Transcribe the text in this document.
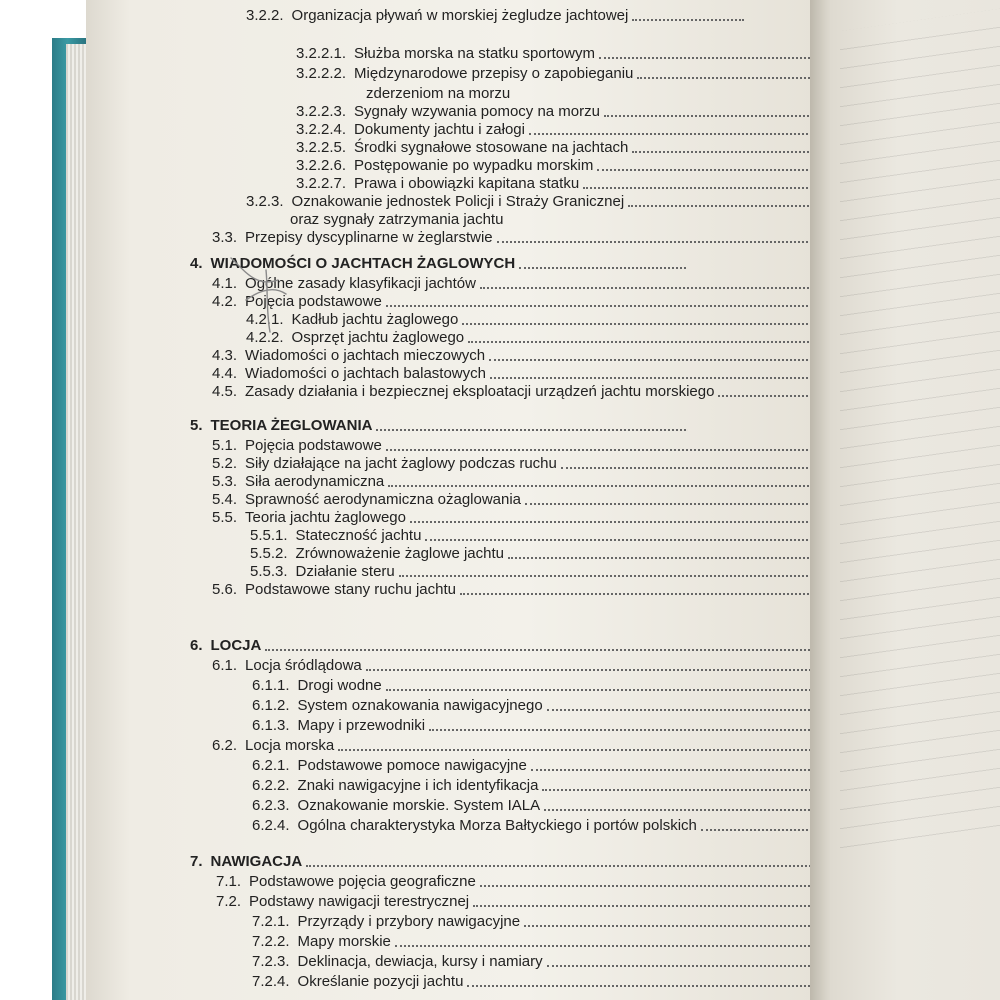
3.2.2. Organizacja pływań w morskiej żegludze jachtowej
3.2.2.1. Służba morska na statku sportowym
3.2.2.2. Międzynarodowe przepisy o zapobieganiu
zderzeniom na morzu
3.2.2.3. Sygnały wzywania pomocy na morzu
3.2.2.4. Dokumenty jachtu i załogi
3.2.2.5. Środki sygnałowe stosowane na jachtach
3.2.2.6. Postępowanie po wypadku morskim
3.2.2.7. Prawa i obowiązki kapitana statku
3.2.3. Oznakowanie jednostek Policji i Straży Granicznej
oraz sygnały zatrzymania jachtu
3.3. Przepisy dyscyplinarne w żeglarstwie
4. WIADOMOŚCI O JACHTACH ŻAGLOWYCH
4.1. Ogólne zasady klasyfikacji jachtów
4.2. Pojęcia podstawowe
4.2.1. Kadłub jachtu żaglowego
4.2.2. Osprzęt jachtu żaglowego
4.3. Wiadomości o jachtach mieczowych
4.4. Wiadomości o jachtach balastowych
4.5. Zasady działania i bezpiecznej eksploatacji urządzeń jachtu morskiego
5. TEORIA ŻEGLOWANIA
5.1. Pojęcia podstawowe
5.2. Siły działające na jacht żaglowy podczas ruchu
5.3. Siła aerodynamiczna
5.4. Sprawność aerodynamiczna ożaglowania
5.5. Teoria jachtu żaglowego
5.5.1. Stateczność jachtu
5.5.2. Zrównoważenie żaglowe jachtu
5.5.3. Działanie steru
5.6. Podstawowe stany ruchu jachtu
6. LOCJA
6.1. Locja śródlądowa
6.1.1. Drogi wodne
6.1.2. System oznakowania nawigacyjnego
6.1.3. Mapy i przewodniki
6.2. Locja morska
6.2.1. Podstawowe pomoce nawigacyjne
6.2.2. Znaki nawigacyjne i ich identyfikacja
6.2.3. Oznakowanie morskie. System IALA
6.2.4. Ogólna charakterystyka Morza Bałtyckiego i portów polskich
7. NAWIGACJA
7.1. Podstawowe pojęcia geograficzne
7.2. Podstawy nawigacji terestrycznej
7.2.1. Przyrządy i przybory nawigacyjne
7.2.2. Mapy morskie
7.2.3. Deklinacja, dewiacja, kursy i namiary
7.2.4. Określanie pozycji jachtu
